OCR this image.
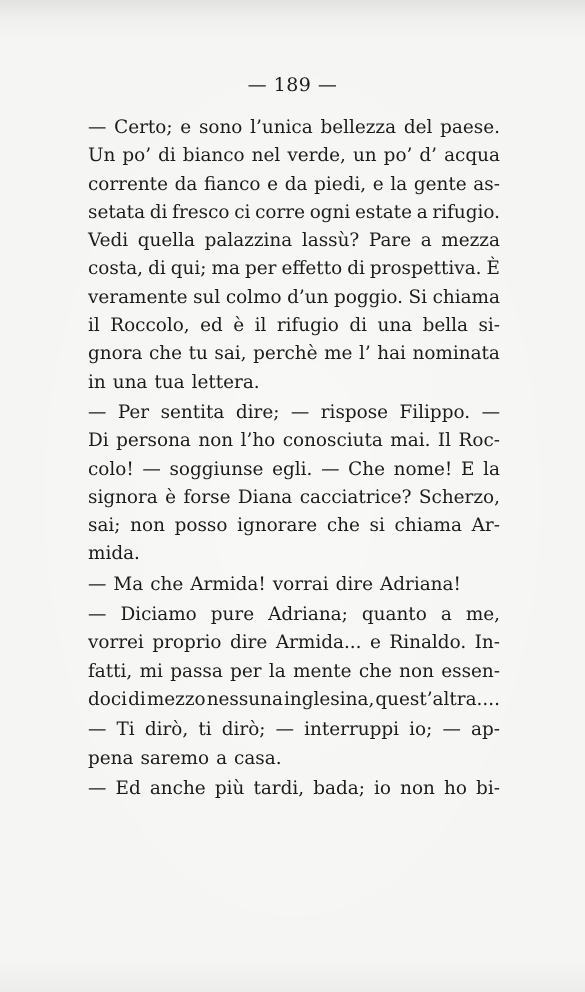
— 189 —
— Certo; e sono l’unica bellezza del paese.
Un po’ di bianco nel verde, un po’ d’ acqua
corrente da fianco e da piedi, e la gente as-
setata di fresco ci corre ogni estate a rifugio.
Vedi quella palazzina lassù? Pare a mezza
costa, di qui; ma per effetto di prospettiva. È
veramente sul colmo d’un poggio. Si chiama
il Roccolo, ed è il rifugio di una bella si-
gnora che tu sai, perchè me l’ hai nominata
in una tua lettera.
— Per sentita dire; — rispose Filippo. —
Di persona non l’ho conosciuta mai. Il Roc-
colo! — soggiunse egli. — Che nome! E la
signora è forse Diana cacciatrice? Scherzo,
sai; non posso ignorare che si chiama Ar-
mida.
— Ma che Armida! vorrai dire Adriana!
— Diciamo pure Adriana; quanto a me,
vorrei proprio dire Armida... e Rinaldo. In-
fatti, mi passa per la mente che non essen-
doci di mezzo nessuna inglesina, quest’altra....
— Ti dirò, ti dirò; — interruppi io; — ap-
pena saremo a casa.
— Ed anche più tardi, bada; io non ho bi-
